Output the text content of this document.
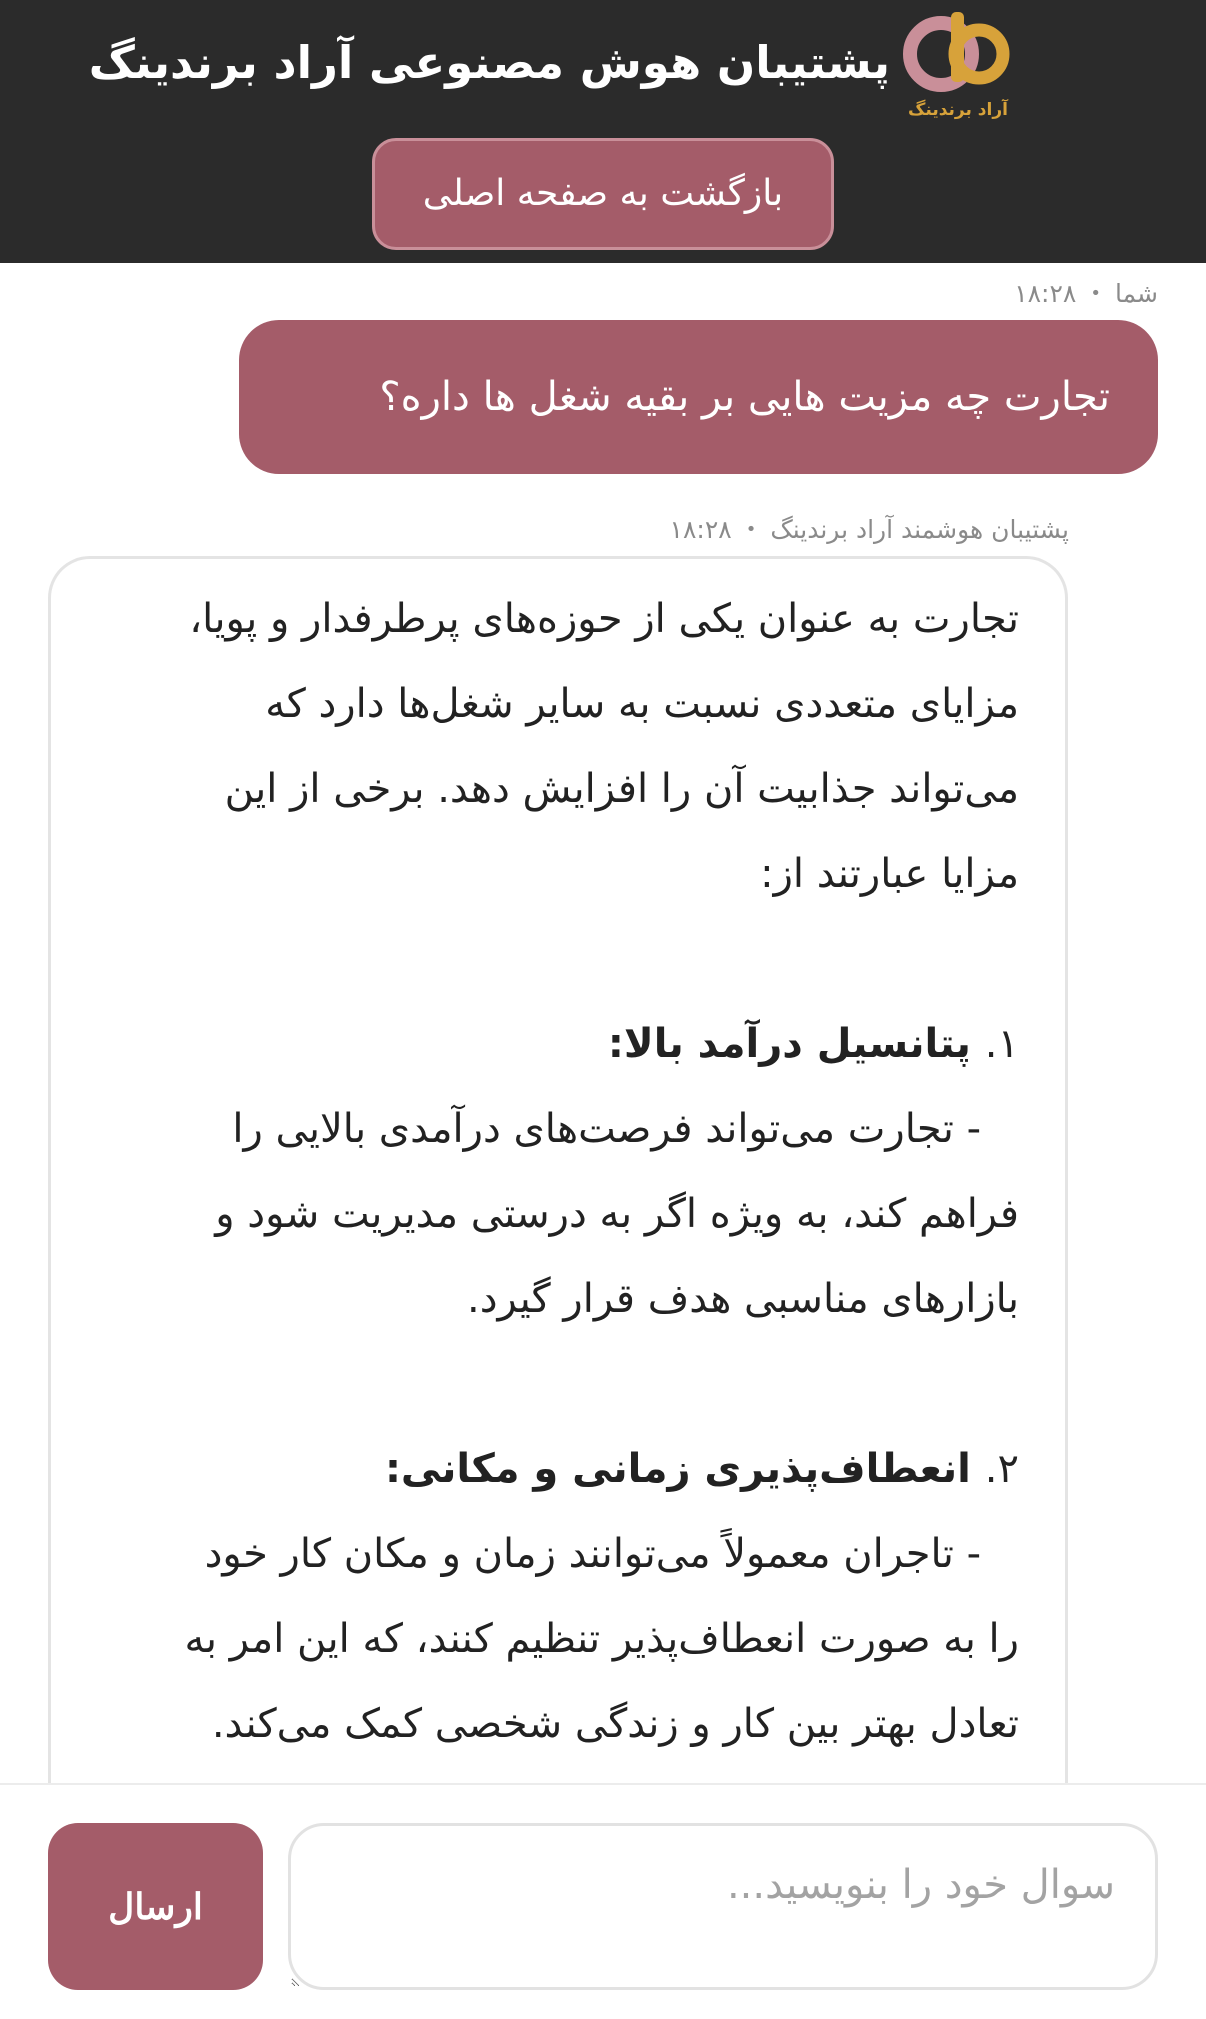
پشتیبان هوش مصنوعی آراد برندینگ
آراد برندینگ
بازگشت به صفحه اصلی
شما•۱۸:۲۸
تجارت چه مزیت هایی بر بقیه شغل ها داره؟
پشتیبان هوشمند آراد برندینگ•۱۸:۲۸

تجارت به عنوان یکی از حوزه‌های پرطرفدار و پویا،

مزایای متعددی نسبت به سایر شغل‌ها دارد که

می‌تواند جذابیت آن را افزایش دهد. برخی از این

مزایا عبارتند از:

۱. پتانسیل درآمد بالا:

- تجارت می‌تواند فرصت‌های درآمدی بالایی را

فراهم کند، به ویژه اگر به درستی مدیریت شود و

بازارهای مناسبی هدف قرار گیرد.

۲. انعطاف‌پذیری زمانی و مکانی:

- تاجران معمولاً می‌توانند زمان و مکان کار خود

را به صورت انعطاف‌پذیر تنظیم کنند، که این امر به

تعادل بهتر بین کار و زندگی شخصی کمک می‌کند.

ارسال
سوال خود را بنویسید...
